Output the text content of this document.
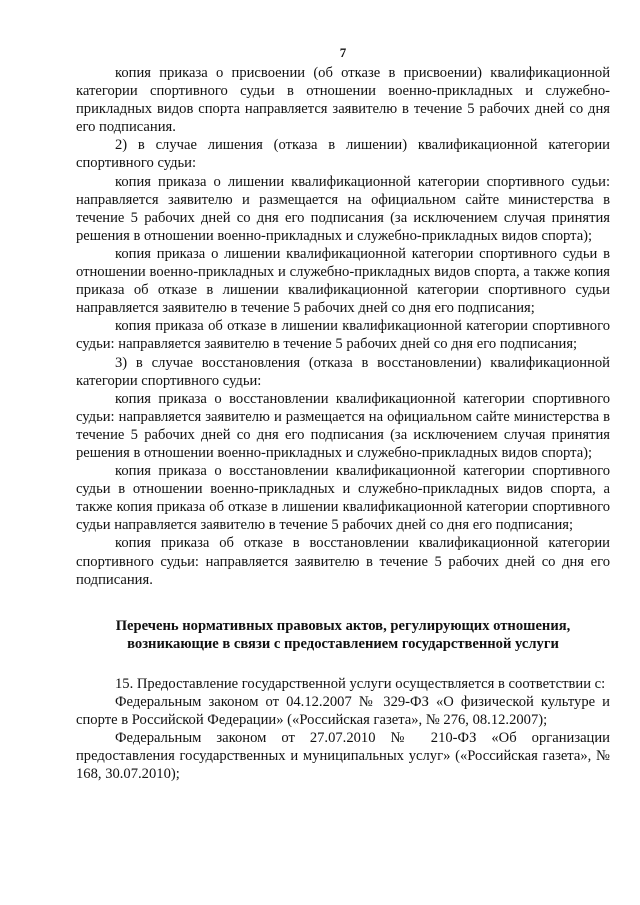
7

копия приказа о присвоении (об отказе в присвоении) квалификационной категории спортивного судьи в отношении военно-прикладных и служебно-прикладных видов спорта направляется заявителю в течение 5 рабочих дней со дня его подписания.

2) в случае лишения (отказа в лишении) квалификационной категории спортивного судьи:

копия приказа о лишении квалификационной категории спортивного судьи: направляется заявителю и размещается на официальном сайте министерства в течение 5 рабочих дней со дня его подписания (за исключением случая принятия решения в отношении военно-прикладных и служебно-прикладных видов спорта);

копия приказа о лишении квалификационной категории спортивного судьи в отношении военно-прикладных и служебно-прикладных видов спорта, а также копия приказа об отказе в лишении квалификационной категории спортивного судьи направляется заявителю в течение 5 рабочих дней со дня его подписания;

копия приказа об отказе в лишении квалификационной категории спортивного судьи: направляется заявителю в течение 5 рабочих дней со дня его подписания;

3) в случае восстановления (отказа в восстановлении) квалификационной категории спортивного судьи:

копия приказа о восстановлении квалификационной категории спортивного судьи: направляется заявителю и размещается на официальном сайте министерства в течение 5 рабочих дней со дня его подписания (за исключением случая принятия решения в отношении военно-прикладных и служебно-прикладных видов спорта);

копия приказа о восстановлении квалификационной категории спортивного судьи в отношении военно-прикладных и служебно-прикладных видов спорта, а также копия приказа об отказе в лишении квалификационной категории спортивного судьи направляется заявителю в течение 5 рабочих дней со дня его подписания;

копия приказа об отказе в восстановлении квалификационной категории спортивного судьи: направляется заявителю в течение 5 рабочих дней со дня его подписания.

Перечень нормативных правовых актов, регулирующих отношения, возникающие в связи с предоставлением государственной услуги

15. Предоставление государственной услуги осуществляется в соответствии с:

Федеральным законом от 04.12.2007 № 329-ФЗ «О физической культуре и спорте в Российской Федерации» («Российская газета», № 276, 08.12.2007);

Федеральным законом от 27.07.2010 № 210-ФЗ «Об организации предоставления государственных и муниципальных услуг» («Российская газета», № 168, 30.07.2010);
